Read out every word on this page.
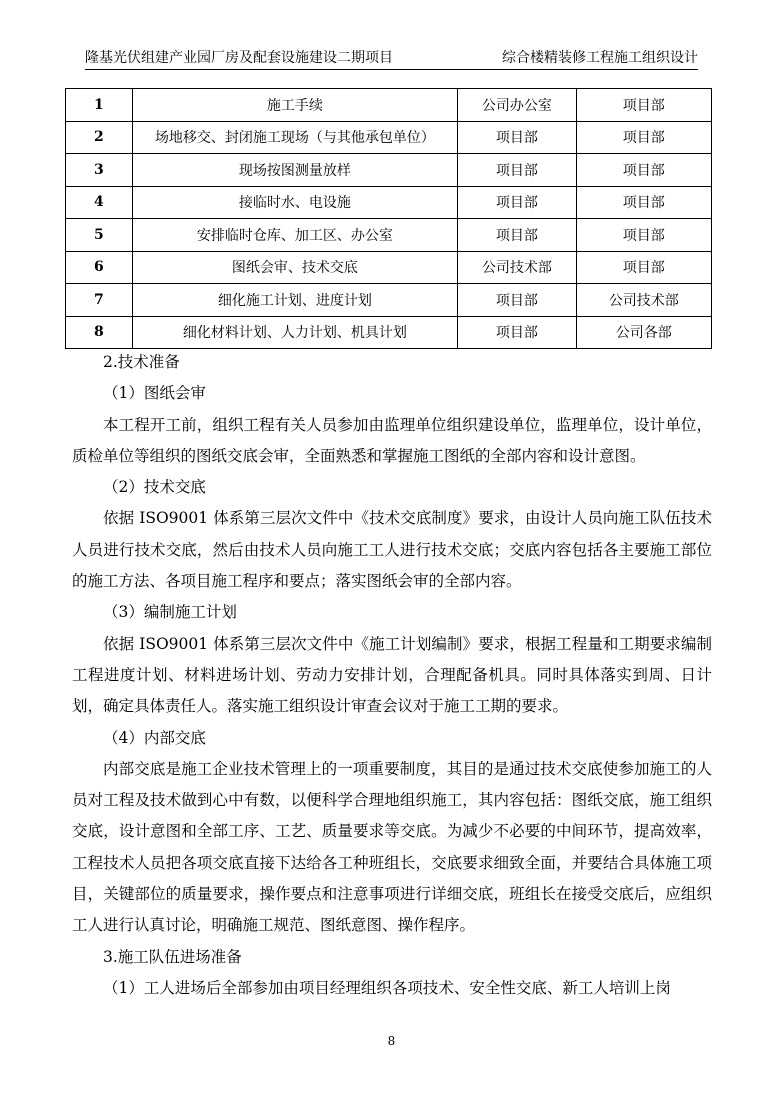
隆基光伏组建产业园厂房及配套设施建设二期项目	综合楼精装修工程施工组织设计
1	施工手续	公司办公室	项目部
2	场地移交、封闭施工现场（与其他承包单位）	项目部	项目部
3	现场按图测量放样	项目部	项目部
4	接临时水、电设施	项目部	项目部
5	安排临时仓库、加工区、办公室	项目部	项目部
6	图纸会审、技术交底	公司技术部	项目部
7	细化施工计划、进度计划	项目部	公司技术部
8	细化材料计划、人力计划、机具计划	项目部	公司各部

2.技术准备

（1）图纸会审

本工程开工前，组织工程有关人员参加由监理单位组织建设单位，监理单位，设计单位，质检单位等组织的图纸交底会审，全面熟悉和掌握施工图纸的全部内容和设计意图。

（2）技术交底

依据 ISO9001 体系第三层次文件中《技术交底制度》要求，由设计人员向施工队伍技术人员进行技术交底，然后由技术人员向施工工人进行技术交底；交底内容包括各主要施工部位的施工方法、各项目施工程序和要点；落实图纸会审的全部内容。

（3）编制施工计划

依据 ISO9001 体系第三层次文件中《施工计划编制》要求，根据工程量和工期要求编制工程进度计划、材料进场计划、劳动力安排计划，合理配备机具。同时具体落实到周、日计划，确定具体责任人。落实施工组织设计审查会议对于施工工期的要求。

（4）内部交底

内部交底是施工企业技术管理上的一项重要制度，其目的是通过技术交底使参加施工的人员对工程及技术做到心中有数，以便科学合理地组织施工，其内容包括：图纸交底，施工组织交底，设计意图和全部工序、工艺、质量要求等交底。为减少不必要的中间环节，提高效率，工程技术人员把各项交底直接下达给各工种班组长，交底要求细致全面，并要结合具体施工项目，关键部位的质量要求，操作要点和注意事项进行详细交底，班组长在接受交底后，应组织工人进行认真讨论，明确施工规范、图纸意图、操作程序。

3.施工队伍进场准备

（1）工人进场后全部参加由项目经理组织各项技术、安全性交底、新工人培训上岗

8
